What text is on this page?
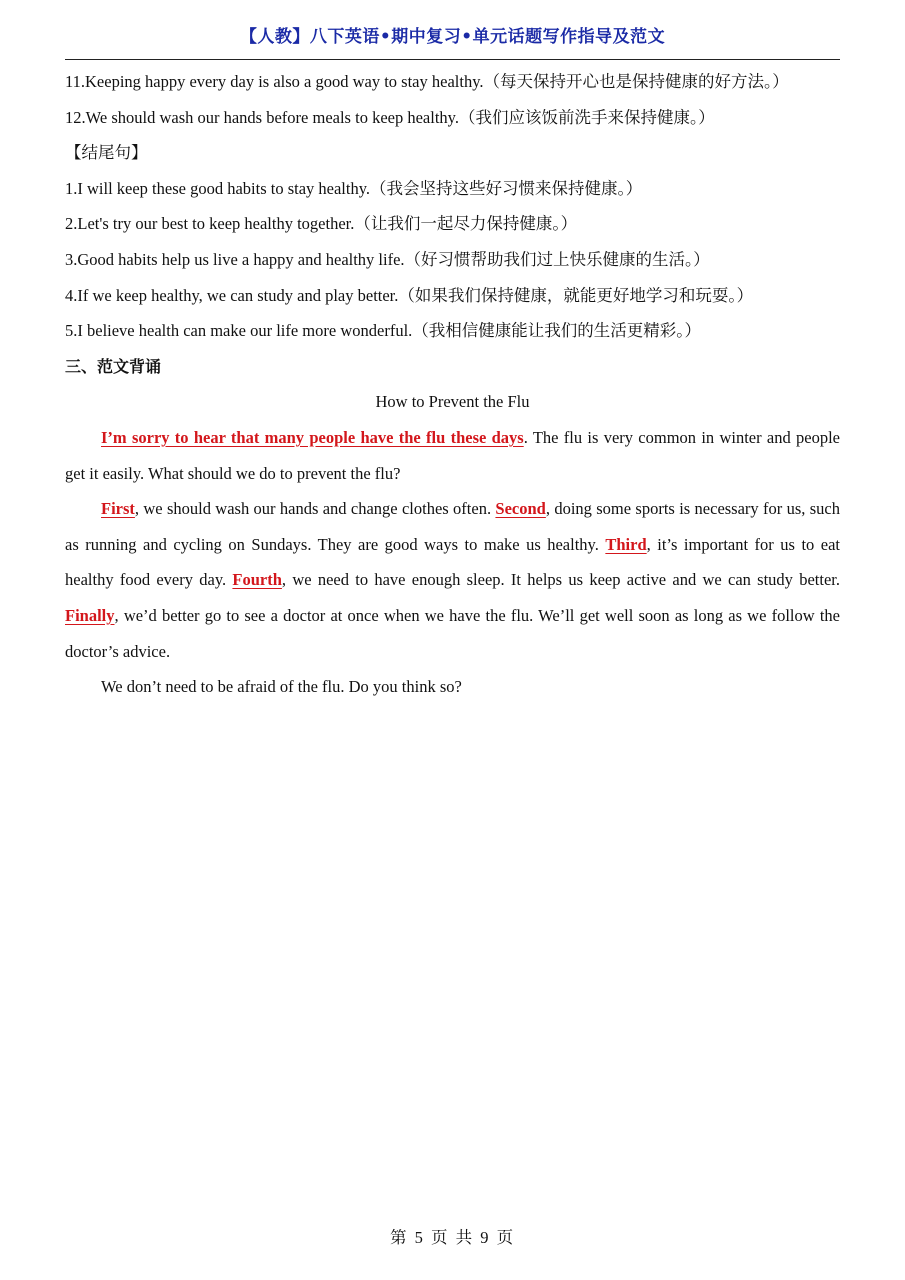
【人教】八下英语•期中复习•单元话题写作指导及范文
11.Keeping happy every day is also a good way to stay healthy.（每天保持开心也是保持健康的好方法。）
12.We should wash our hands before meals to keep healthy.（我们应该饭前洗手来保持健康。）
【结尾句】
1.I will keep these good habits to stay healthy.（我会坚持这些好习惯来保持健康。）
2.Let's try our best to keep healthy together.（让我们一起尽力保持健康。）
3.Good habits help us live a happy and healthy life.（好习惯帮助我们过上快乐健康的生活。）
4.If we keep healthy, we can study and play better.（如果我们保持健康，就能更好地学习和玩耍。）
5.I believe health can make our life more wonderful.（我相信健康能让我们的生活更精彩。）
三、范文背诵
How to Prevent the Flu
I’m sorry to hear that many people have the flu these days. The flu is very common in winter and people get it easily. What should we do to prevent the flu?
First, we should wash our hands and change clothes often. Second, doing some sports is necessary for us, such as running and cycling on Sundays. They are good ways to make us healthy. Third, it’s important for us to eat healthy food every day. Fourth, we need to have enough sleep. It helps us keep active and we can study better. Finally, we’d better go to see a doctor at once when we have the flu. We’ll get well soon as long as we follow the doctor’s advice.
We don’t need to be afraid of the flu. Do you think so?
第 5 页 共 9 页
